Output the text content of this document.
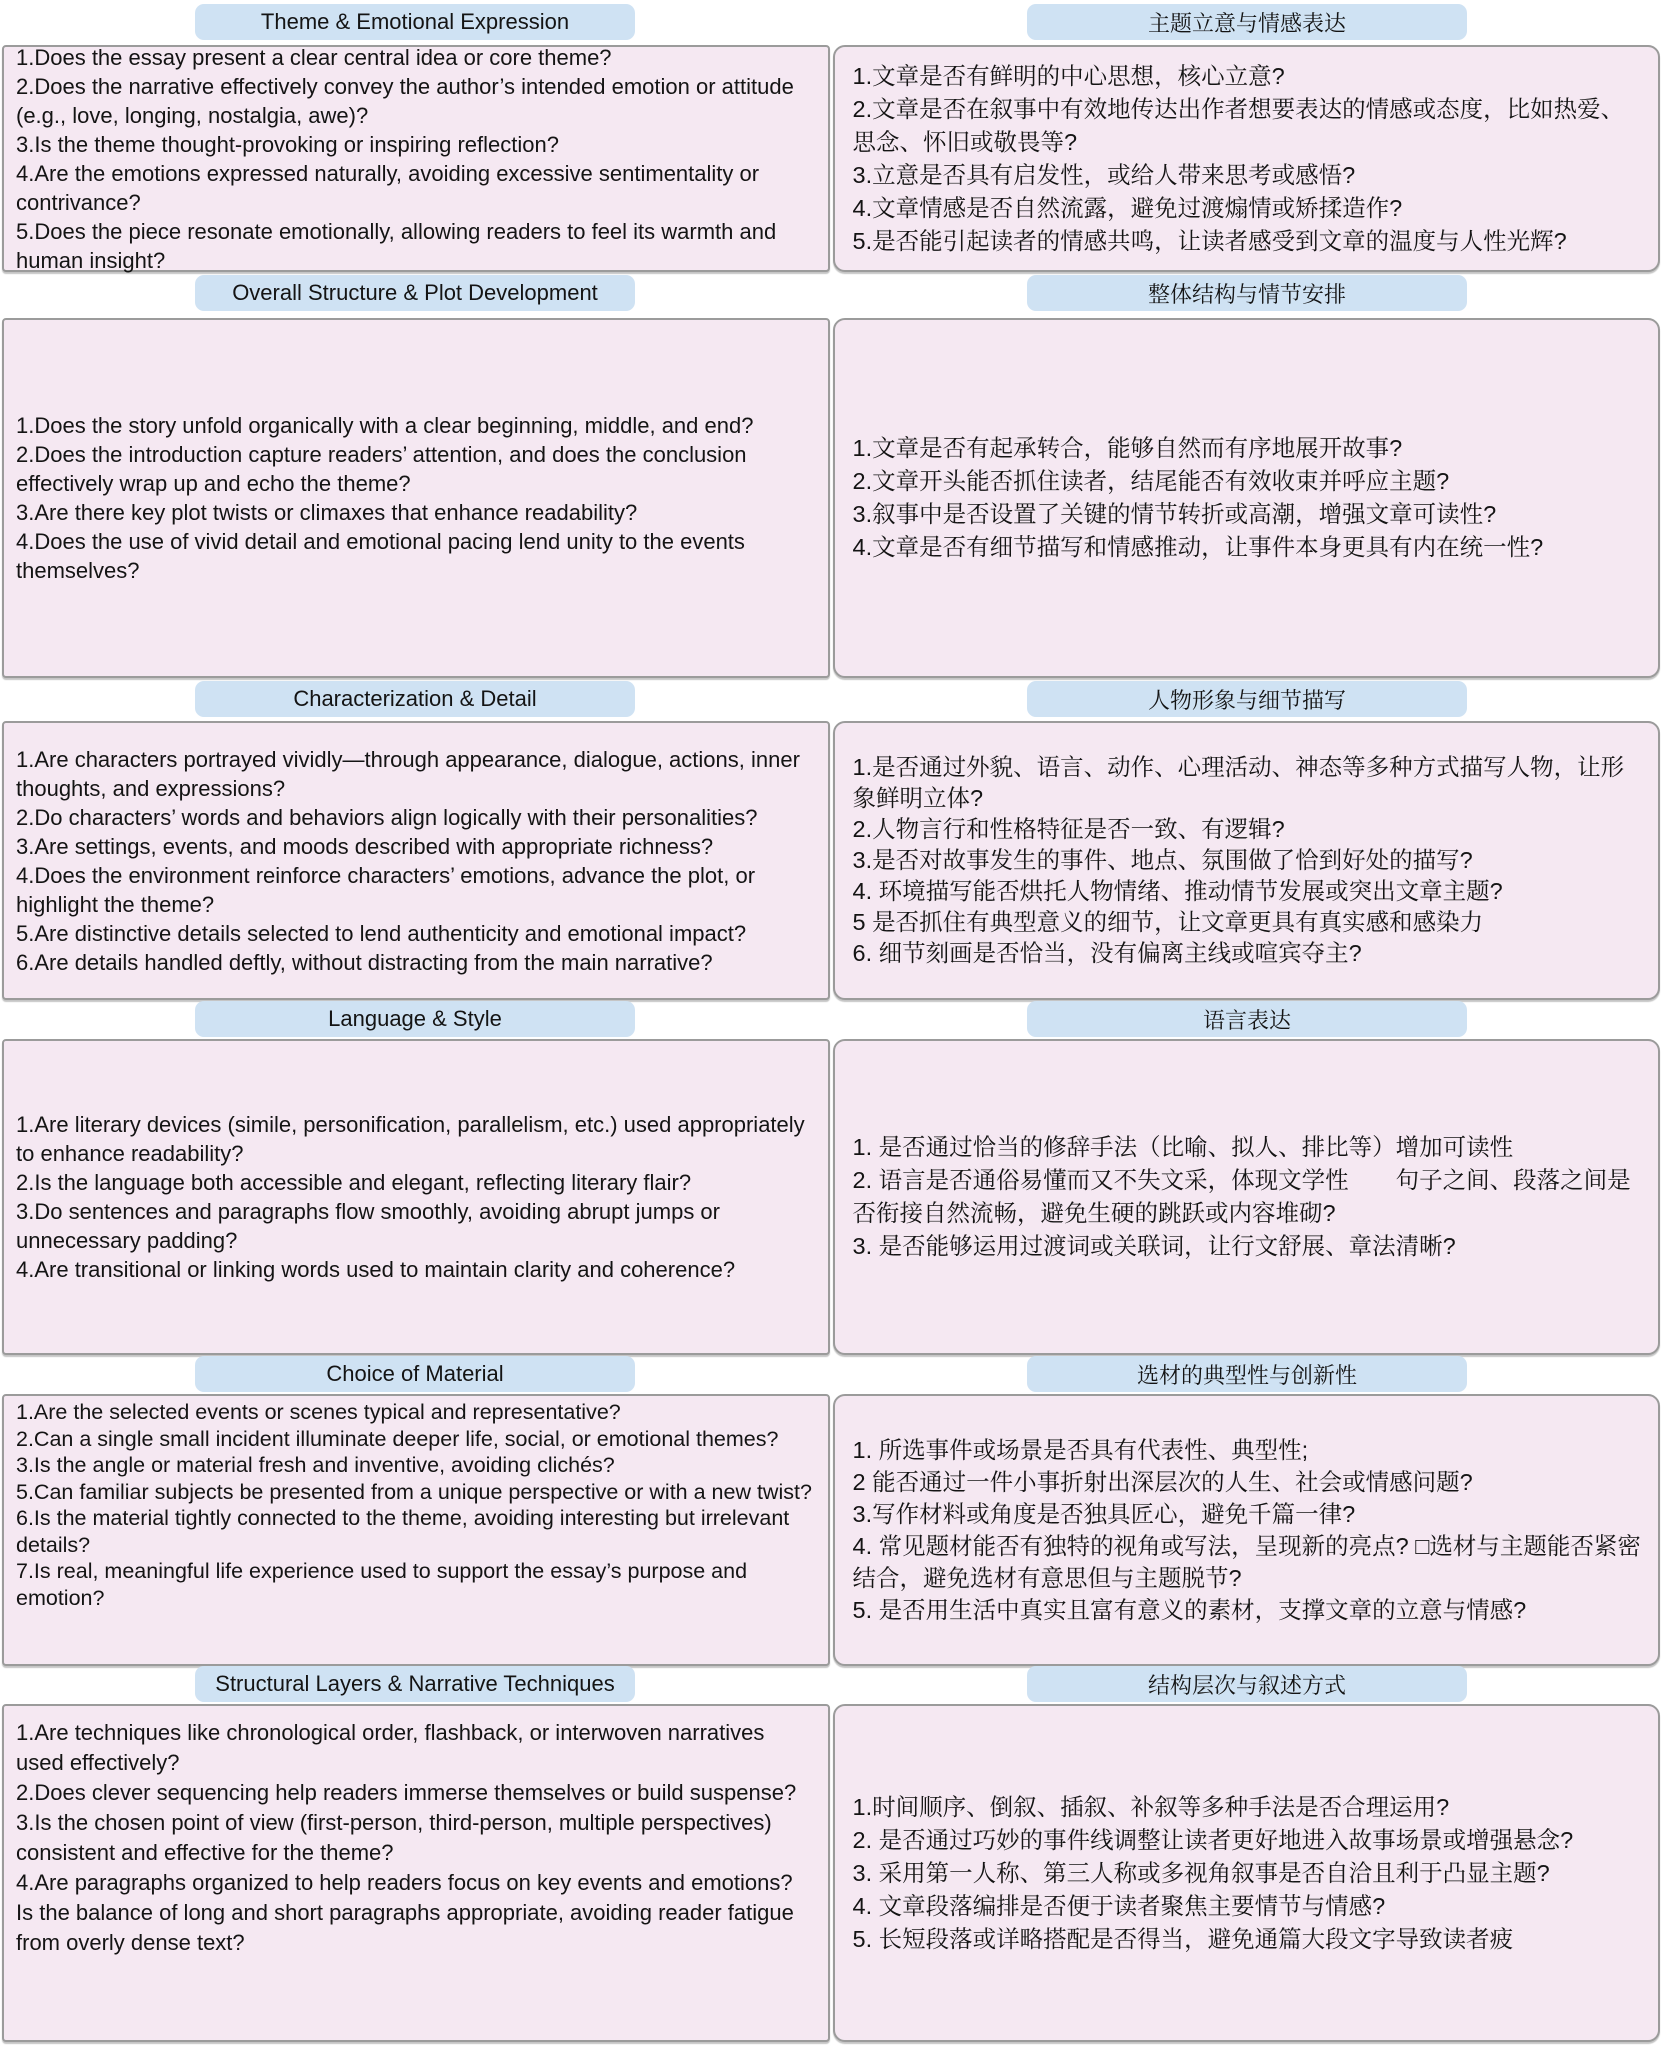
Theme & Emotional Expression	主题立意与情感表达

1.Does the essay present a clear central idea or core theme?

2.Does the narrative effectively convey the author’s intended emotion or attitude (e.g., love, longing, nostalgia, awe)?

3.Is the theme thought-provoking or inspiring reflection?

4.Are the emotions expressed naturally, avoiding excessive sentimentality or contrivance?

5.Does the piece resonate emotionally, allowing readers to feel its warmth and human insight?

1.文章是否有鲜明的中心思想，核心立意?

2.文章是否在叙事中有效地传达出作者想要表达的情感或态度，比如热爱、思念、怀旧或敬畏等?

3.立意是否具有启发性，或给人带来思考或感悟?

4.文章情感是否自然流露，避免过渡煽情或矫揉造作?

5.是否能引起读者的情感共鸣，让读者感受到文章的温度与人性光辉?

Overall Structure & Plot Development	整体结构与情节安排

1.Does the story unfold organically with a clear beginning, middle, and end?

2.Does the introduction capture readers’ attention, and does the conclusion effectively wrap up and echo the theme?

3.Are there key plot twists or climaxes that enhance readability?

4.Does the use of vivid detail and emotional pacing lend unity to the events themselves?

1.文章是否有起承转合，能够自然而有序地展开故事?

2.文章开头能否抓住读者，结尾能否有效收束并呼应主题?

3.叙事中是否设置了关键的情节转折或高潮，增强文章可读性?

4.文章是否有细节描写和情感推动，让事件本身更具有内在统一性?

Characterization & Detail	人物形象与细节描写

1.Are characters portrayed vividly—through appearance, dialogue, actions, inner thoughts, and expressions?

2.Do characters’ words and behaviors align logically with their personalities?

3.Are settings, events, and moods described with appropriate richness?

4.Does the environment reinforce characters’ emotions, advance the plot, or highlight the theme?

5.Are distinctive details selected to lend authenticity and emotional impact?

6.Are details handled deftly, without distracting from the main narrative?

1.是否通过外貌、语言、动作、心理活动、神态等多种方式描写人物，让形象鲜明立体?

2.人物言行和性格特征是否一致、有逻辑?

3.是否对故事发生的事件、地点、氛围做了恰到好处的描写?

4. 环境描写能否烘托人物情绪、推动情节发展或突出文章主题?

5 是否抓住有典型意义的细节，让文章更具有真实感和感染力

6. 细节刻画是否恰当，没有偏离主线或喧宾夺主?

Language & Style	语言表达

1.Are literary devices (simile, personification, parallelism, etc.) used appropriately to enhance readability?

2.Is the language both accessible and elegant, reflecting literary flair?

3.Do sentences and paragraphs flow smoothly, avoiding abrupt jumps or unnecessary padding?

4.Are transitional or linking words used to maintain clarity and coherence?

1. 是否通过恰当的修辞手法（比喻、拟人、排比等）增加可读性

2. 语言是否通俗易懂而又不失文采，体现文学性　　句子之间、段落之间是否衔接自然流畅，避免生硬的跳跃或内容堆砌?

3. 是否能够运用过渡词或关联词，让行文舒展、章法清晰?

Choice of Material	选材的典型性与创新性

1.Are the selected events or scenes typical and representative?

2.Can a single small incident illuminate deeper life, social, or emotional themes?

3.Is the angle or material fresh and inventive, avoiding clichés?

5.Can familiar subjects be presented from a unique perspective or with a new twist?

6.Is the material tightly connected to the theme, avoiding interesting but irrelevant details?

7.Is real, meaningful life experience used to support the essay’s purpose and emotion?

1. 所选事件或场景是否具有代表性、典型性;

2 能否通过一件小事折射出深层次的人生、社会或情感问题?

3.写作材料或角度是否独具匠心，避免千篇一律?

4. 常见题材能否有独特的视角或写法，呈现新的亮点? □选材与主题能否紧密结合，避免选材有意思但与主题脱节?

5. 是否用生活中真实且富有意义的素材，支撑文章的立意与情感?

Structural Layers & Narrative Techniques	结构层次与叙述方式

1.Are techniques like chronological order, flashback, or interwoven narratives used effectively?

2.Does clever sequencing help readers immerse themselves or build suspense?

3.Is the chosen point of view (first-person, third-person, multiple perspectives) consistent and effective for the theme?

4.Are paragraphs organized to help readers focus on key events and emotions?

Is the balance of long and short paragraphs appropriate, avoiding reader fatigue from overly dense text?

1.时间顺序、倒叙、插叙、补叙等多种手法是否合理运用?

2. 是否通过巧妙的事件线调整让读者更好地进入故事场景或增强悬念?

3. 采用第一人称、第三人称或多视角叙事是否自洽且利于凸显主题?

4. 文章段落编排是否便于读者聚焦主要情节与情感?

5. 长短段落或详略搭配是否得当，避免通篇大段文字导致读者疲
